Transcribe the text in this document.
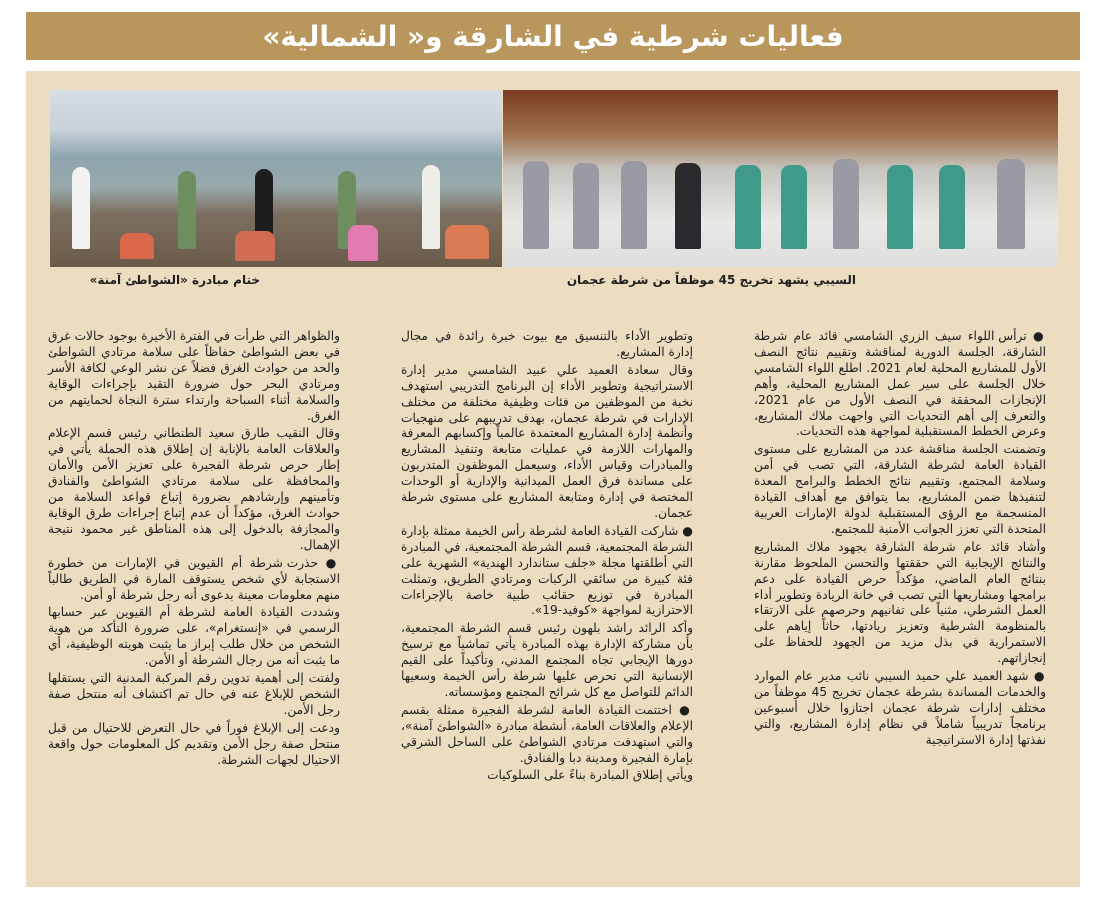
فعاليات شرطية في الشارقة و« الشمالية»
ختام مبادرة «الشواطئ آمنة»	السيبي يشهد تخريج 45 موظفاً من شرطة عجمان

● ترأس اللواء سيف الزري الشامسي قائد عام شرطة الشارقة، الجلسة الدورية لمناقشة وتقييم نتائج النصف الأول للمشاريع المحلية لعام 2021. اطلع اللواء الشامسي خلال الجلسة على سير عمل المشاريع المحلية، وأهم الإنجازات المحققة في النصف الأول من عام 2021، والتعرف إلى أهم التحديات التي واجهت ملاك المشاريع، وعرض الخطط المستقبلية لمواجهة هذه التحديات.

وتضمنت الجلسة مناقشة عدد من المشاريع على مستوى القيادة العامة لشرطة الشارقة، التي تصب في أمن وسلامة المجتمع، وتقييم نتائج الخطط والبرامج المعدة لتنفيذها ضمن المشاريع، بما يتوافق مع أهداف القيادة المنسجمة مع الرؤى المستقبلية لدولة الإمارات العربية المتحدة التي تعزز الجوانب الأمنية للمجتمع.

وأشاد قائد عام شرطة الشارقة بجهود ملاك المشاريع والنتائج الإيجابية التي حققتها والتحسن الملحوظ مقارنة بنتائج العام الماضي، مؤكداً حرص القيادة على دعم برامجها ومشاريعها التي تصب في خانة الريادة وتطوير أداء العمل الشرطي، مثنياً على تفانيهم وحرصهم على الارتقاء بالمنظومة الشرطية وتعزيز ريادتها، حاثاً إياهم على الاستمرارية في بذل مزيد من الجهود للحفاظ على إنجازاتهم.

● شهد العميد علي حميد السيبي نائب مدير عام الموارد والخدمات المساندة بشرطة عجمان تخريج 45 موظفاً من مختلف إدارات شرطة عجمان اجتازوا خلال أسبوعين برنامجاً تدريبياً شاملاً في نظام إدارة المشاريع، والتي نفذتها إدارة الاستراتيجية

وتطوير الأداء بالتنسيق مع بيوت خبرة رائدة في مجال إدارة المشاريع.

وقال سعادة العميد علي عبيد الشامسي مدير إدارة الاستراتيجية وتطوير الأداء إن البرنامج التدريبي استهدف نخبة من الموظفين من فئات وظيفية مختلفة من مختلف الإدارات في شرطة عجمان، بهدف تدريبهم على منهجيات وأنظمة إدارة المشاريع المعتمدة عالمياً وإكسابهم المعرفة والمهارات اللازمة في عمليات متابعة وتنفيذ المشاريع والمبادرات وقياس الأداء، وسيعمل الموظفون المتدربون على مساندة فرق العمل الميدانية والإدارية أو الوحدات المختصة في إدارة ومتابعة المشاريع على مستوى شرطة عجمان.

● شاركت القيادة العامة لشرطة رأس الخيمة ممثلة بإدارة الشرطة المجتمعية، قسم الشرطة المجتمعية، في المبادرة التي أطلقتها مجلة «جلف ستاندارد الهندية» الشهرية على فئة كبيرة من سائقي الركبات ومرتادي الطريق، وتمثلت المبادرة في توزيع حقائب طبية خاصة بالإجراءات الاحترازية لمواجهة «كوفيد-19».

وأكد الرائد راشد بلهون رئيس قسم الشرطة المجتمعية، بأن مشاركة الإدارة بهذه المبادرة يأتي تماشياً مع ترسيخ دورها الإيجابي تجاه المجتمع المدني، وتأكيداً على القيم الإنسانية التي تحرص عليها شرطة رأس الخيمة وسعيها الدائم للتواصل مع كل شرائح المجتمع ومؤسساته.

● اختتمت القيادة العامة لشرطة الفجيرة ممثلة بقسم الإعلام والعلاقات العامة، أنشطة مبادرة «الشواطئ آمنة»، والتي استهدفت مرتادي الشواطئ على الساحل الشرقي بإمارة الفجيرة ومدينة دبا والفنادق.

ويأتي إطلاق المبادرة بناءً على السلوكيات

والظواهر التي طرأت في الفترة الأخيرة بوجود حالات غرق في بعض الشواطئ حفاظاً على سلامة مرتادي الشواطئ والحد من حوادث الغرق فضلاً عن نشر الوعي لكافة الأسر ومرتادي البحر حول ضرورة التقيد بإجراءات الوقاية والسلامة أثناء السباحة وارتداء سترة النجاة لحمايتهم من الغرق.

وقال النقيب طارق سعيد الطنطاني رئيس قسم الإعلام والعلاقات العامة بالإنابة إن إطلاق هذه الحملة يأتي في إطار حرص شرطة الفجيرة على تعزيز الأمن والأمان والمحافظة على سلامة مرتادي الشواطئ والفنادق وتأمينهم وإرشادهم بضرورة إتباع قواعد السلامة من حوادث الغرق، مؤكداً أن عدم إتباع إجراءات طرق الوقاية والمجازفة بالدخول إلى هذه المناطق غير محمود نتيجة الإهمال.

● حذرت شرطة أم القيوين في الإمارات من خطورة الاستجابة لأي شخص يستوقف المارة في الطريق طالباً منهم معلومات معينة بدعوى أنه رجل شرطة أو أمن.

وشددت القيادة العامة لشرطة أم القيوين عبر حسابها الرسمي في «إنستغرام»، على ضرورة التأكد من هوية الشخص من خلال طلب إبراز ما يثبت هويته الوظيفية، أي ما يثبت أنه من رجال الشرطة أو الأمن.

ولفتت إلى أهمية تدوين رقم المركبة المدنية التي يستقلها الشخص للإبلاغ عنه في حال تم اكتشاف أنه منتحل صفة رجل الأمن.

ودعت إلى الإبلاغ فوراً في حال التعرض للاحتيال من قبل منتحل صفة رجل الأمن وتقديم كل المعلومات حول واقعة الاحتيال لجهات الشرطة.
